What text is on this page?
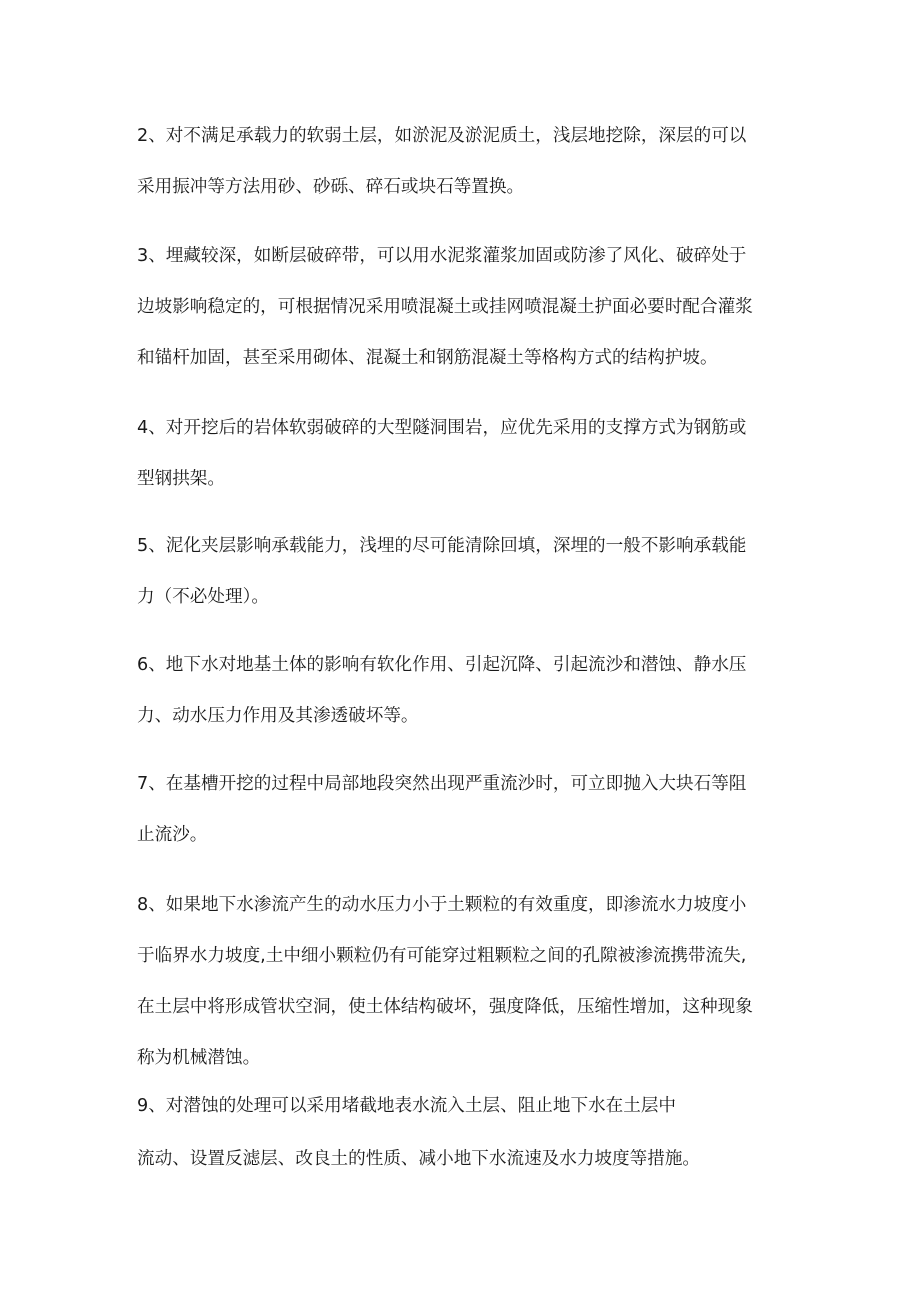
2、对不满足承载力的软弱土层，如淤泥及淤泥质土，浅层地挖除，深层的可以
采用振冲等方法用砂、砂砾、碎石或块石等置换。
3、埋藏较深，如断层破碎带，可以用水泥浆灌浆加固或防渗了风化、破碎处于
边坡影响稳定的，可根据情况采用喷混凝土或挂网喷混凝土护面必要时配合灌浆
和锚杆加固，甚至采用砌体、混凝土和钢筋混凝土等格构方式的结构护坡。
4、对开挖后的岩体软弱破碎的大型隧洞围岩，应优先采用的支撑方式为钢筋或
型钢拱架。
5、泥化夹层影响承载能力，浅埋的尽可能清除回填，深埋的一般不影响承载能
力（不必处理）。
6、地下水对地基土体的影响有软化作用、引起沉降、引起流沙和潜蚀、静水压
力、动水压力作用及其渗透破坏等。
7、在基槽开挖的过程中局部地段突然出现严重流沙时，可立即抛入大块石等阻
止流沙。
8、如果地下水渗流产生的动水压力小于土颗粒的有效重度，即渗流水力坡度小
于临界水力坡度,土中细小颗粒仍有可能穿过粗颗粒之间的孔隙被渗流携带流失,
在土层中将形成管状空洞，使土体结构破坏，强度降低，压缩性增加，这种现象
称为机械潜蚀。
9、对潜蚀的处理可以采用堵截地表水流入土层、阻止地下水在土层中
流动、设置反滤层、改良土的性质、减小地下水流速及水力坡度等措施。
